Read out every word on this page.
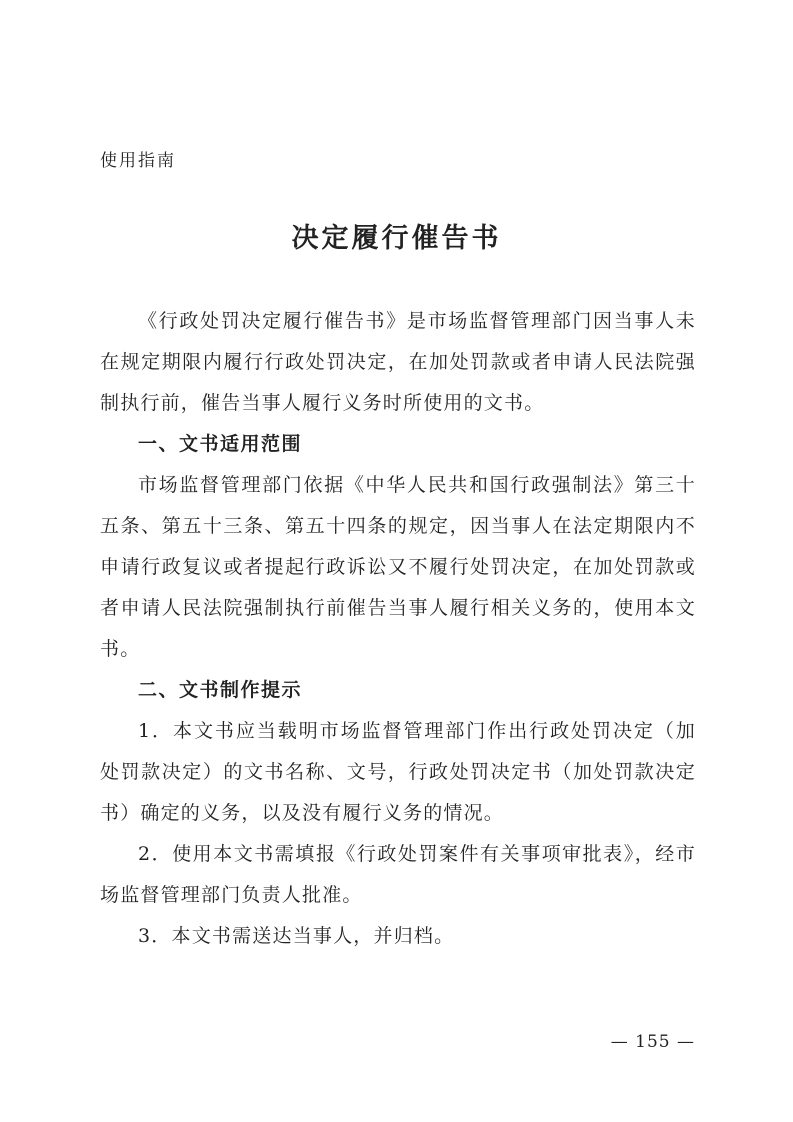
使用指南
决定履行催告书

《行政处罚决定履行催告书》是市场监督管理部门因当事人未在规定期限内履行行政处罚决定，在加处罚款或者申请人民法院强制执行前，催告当事人履行义务时所使用的文书。

一、文书适用范围

市场监督管理部门依据《中华人民共和国行政强制法》第三十五条、第五十三条、第五十四条的规定，因当事人在法定期限内不申请行政复议或者提起行政诉讼又不履行处罚决定，在加处罚款或者申请人民法院强制执行前催告当事人履行相关义务的，使用本文书。

二、文书制作提示

1．本文书应当载明市场监督管理部门作出行政处罚决定（加处罚款决定）的文书名称、文号，行政处罚决定书（加处罚款决定书）确定的义务，以及没有履行义务的情况。

2．使用本文书需填报《行政处罚案件有关事项审批表》，经市场监督管理部门负责人批准。

3．本文书需送达当事人，并归档。

— 155 —
